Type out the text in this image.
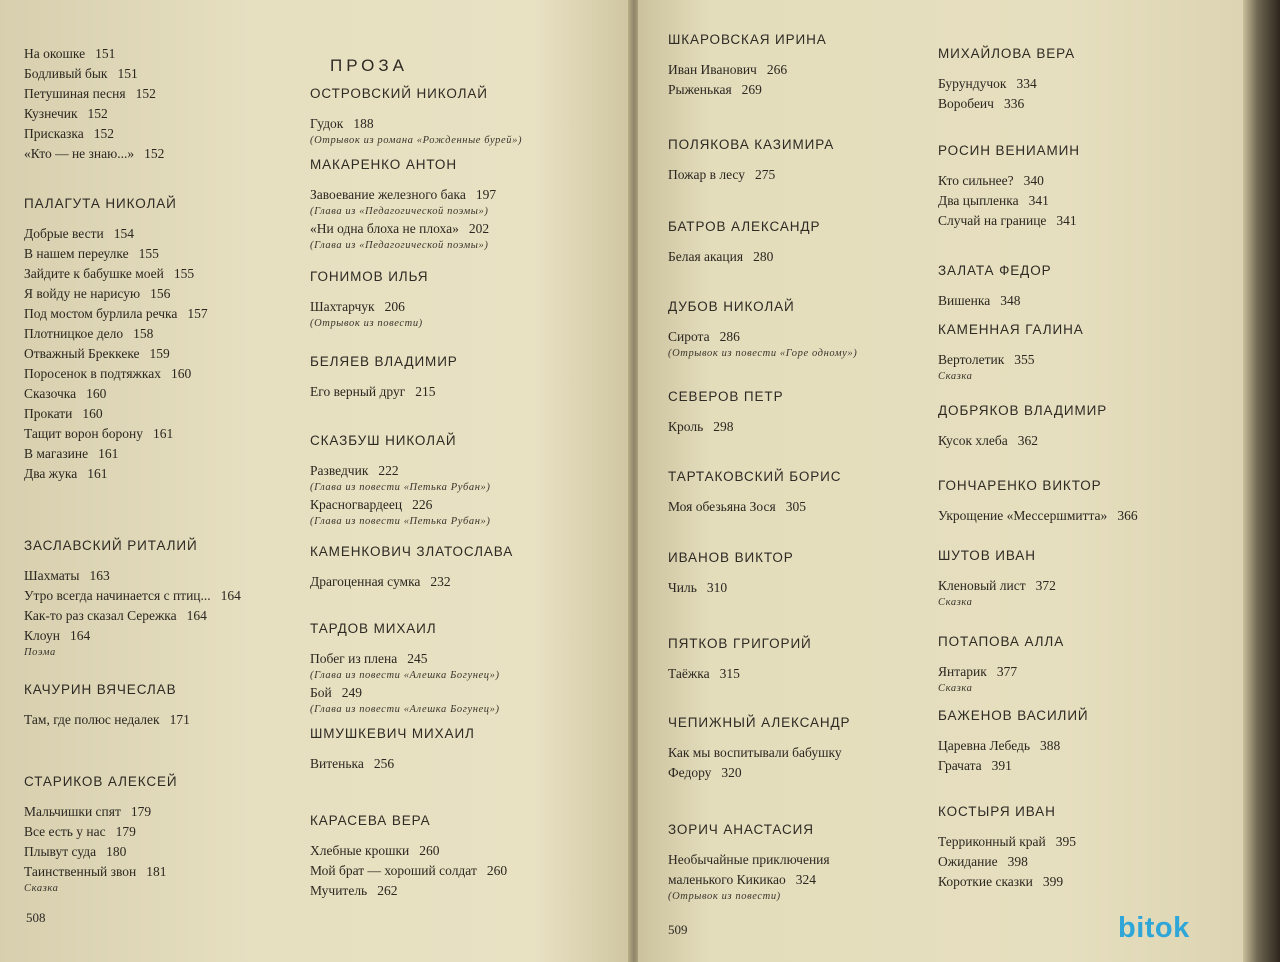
На окошке 151
Бодливый бык 151
Петушиная песня 152
Кузнечик 152
Присказка 152
«Кто — не знаю...» 152
ПАЛАГУТА НИКОЛАЙ
Добрые вести 154
В нашем переулке 155
Зайдите к бабушке моей 155
Я войду не нарисую 156
Под мостом бурлила речка 157
Плотницкое дело 158
Отважный Бреккеке 159
Поросенок в подтяжках 160
Сказочка 160
Прокати 160
Тащит ворон борону 161
В магазине 161
Два жука 161
ЗАСЛАВСКИЙ РИТАЛИЙ
Шахматы 163
Утро всегда начинается с птиц... 164
Как-то раз сказал Сережка 164
Клоун 164
Поэма
КАЧУРИН ВЯЧЕСЛАВ
Там, где полюс недалек 171
СТАРИКОВ АЛЕКСЕЙ
Мальчишки спят 179
Все есть у нас 179
Плывут суда 180
Таинственный звон 181
Сказка
ПРОЗА
ОСТРОВСКИЙ НИКОЛАЙ
Гудок 188
(Отрывок из романа «Рожденные бурей»)
МАКАРЕНКО АНТОН
Завоевание железного бака 197
(Глава из «Педагогической поэмы»)
«Ни одна блоха не плоха» 202
(Глава из «Педагогической поэмы»)
ГОНИМОВ ИЛЬЯ
Шахтарчук 206
(Отрывок из повести)
БЕЛЯЕВ ВЛАДИМИР
Его верный друг 215
СКАЗБУШ НИКОЛАЙ
Разведчик 222
(Глава из повести «Петька Рубан»)
Красногвардеец 226
(Глава из повести «Петька Рубан»)
КАМЕНКОВИЧ ЗЛАТОСЛАВА
Драгоценная сумка 232
ТАРДОВ МИХАИЛ
Побег из плена 245
(Глава из повести «Алешка Богунец»)
Бой 249
(Глава из повести «Алешка Богунец»)
ШМУШКЕВИЧ МИХАИЛ
Витенька 256
КАРАСЕВА ВЕРА
Хлебные крошки 260
Мой брат — хороший солдат 260
Мучитель 262
508
ШКАРОВСКАЯ ИРИНА
Иван Иванович 266
Рыженькая 269
ПОЛЯКОВА КАЗИМИРА
Пожар в лесу 275
БАТРОВ АЛЕКСАНДР
Белая акация 280
ДУБОВ НИКОЛАЙ
Сирота 286
(Отрывок из повести «Горе одному»)
СЕВЕРОВ ПЕТР
Кроль 298
ТАРТАКОВСКИЙ БОРИС
Моя обезьяна Зося 305
ИВАНОВ ВИКТОР
Чиль 310
ПЯТКОВ ГРИГОРИЙ
Таёжка 315
ЧЕПИЖНЫЙ АЛЕКСАНДР
Как мы воспитывали бабушку
Федору 320
ЗОРИЧ АНАСТАСИЯ
Необычайные приключения
маленького Кикикао 324
(Отрывок из повести)
МИХАЙЛОВА ВЕРА
Бурундучок 334
Воробеич 336
РОСИН ВЕНИАМИН
Кто сильнее? 340
Два цыпленка 341
Случай на границе 341
ЗАЛАТА ФЕДОР
Вишенка 348
КАМЕННАЯ ГАЛИНА
Вертолетик 355
Сказка
ДОБРЯКОВ ВЛАДИМИР
Кусок хлеба 362
ГОНЧАРЕНКО ВИКТОР
Укрощение «Мессершмитта» 366
ШУТОВ ИВАН
Кленовый лист 372
Сказка
ПОТАПОВА АЛЛА
Янтарик 377
Сказка
БАЖЕНОВ ВАСИЛИЙ
Царевна Лебедь 388
Грачата 391
КОСТЫРЯ ИВАН
Терриконный край 395
Ожидание 398
Короткие сказки 399
509	bitok
